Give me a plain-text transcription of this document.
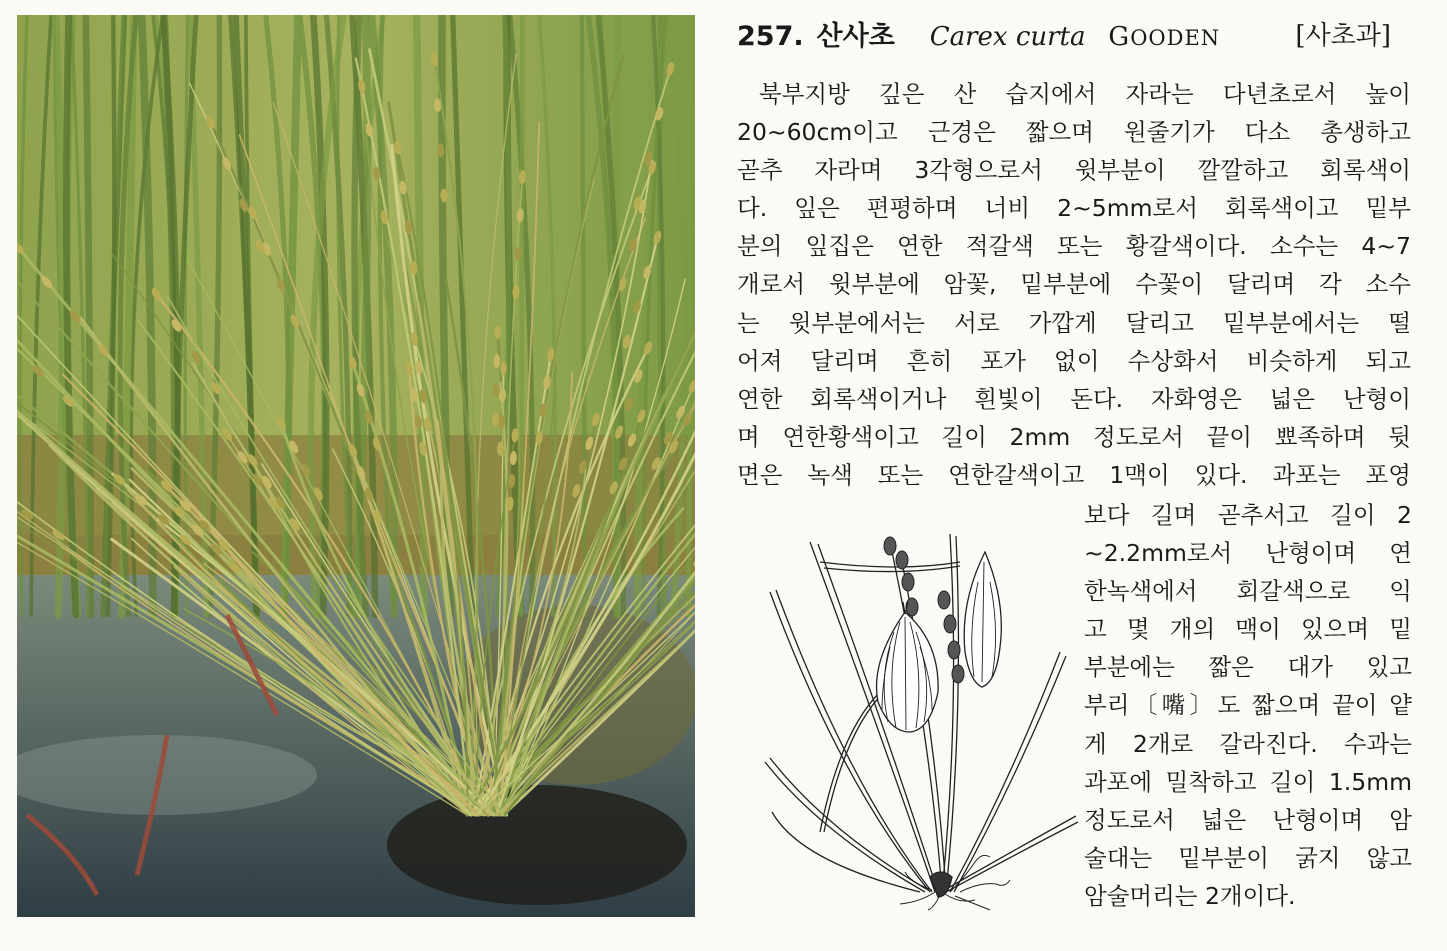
257. 산사초 Carex curta GOODEN	[사초과]

북부지방 깊은 산 습지에서 자라는 다년초로서 높이

20~60cm이고 근경은 짧으며 원줄기가 다소 총생하고

곧추 자라며 3각형으로서 윗부분이 깔깔하고 회록색이

다. 잎은 편평하며 너비 2~5mm로서 회록색이고 밑부

분의 잎집은 연한 적갈색 또는 황갈색이다. 소수는 4~7

개로서 윗부분에 암꽃, 밑부분에 수꽃이 달리며 각 소수

는 윗부분에서는 서로 가깝게 달리고 밑부분에서는 떨

어져 달리며 흔히 포가 없이 수상화서 비슷하게 되고

연한 회록색이거나 흰빛이 돈다. 자화영은 넓은 난형이

며 연한황색이고 길이 2mm 정도로서 끝이 뾰족하며 뒷

면은 녹색 또는 연한갈색이고 1맥이 있다. 과포는 포영

보다 길며 곧추서고 길이 2

~2.2mm로서 난형이며 연

한녹색에서 회갈색으로 익

고 몇 개의 맥이 있으며 밑

부분에는 짧은 대가 있고

부리〔嘴〕도 짧으며 끝이 얕

게 2개로 갈라진다. 수과는

과포에 밀착하고 길이 1.5mm

정도로서 넓은 난형이며 암

술대는 밑부분이 굵지 않고

암술머리는 2개이다.
